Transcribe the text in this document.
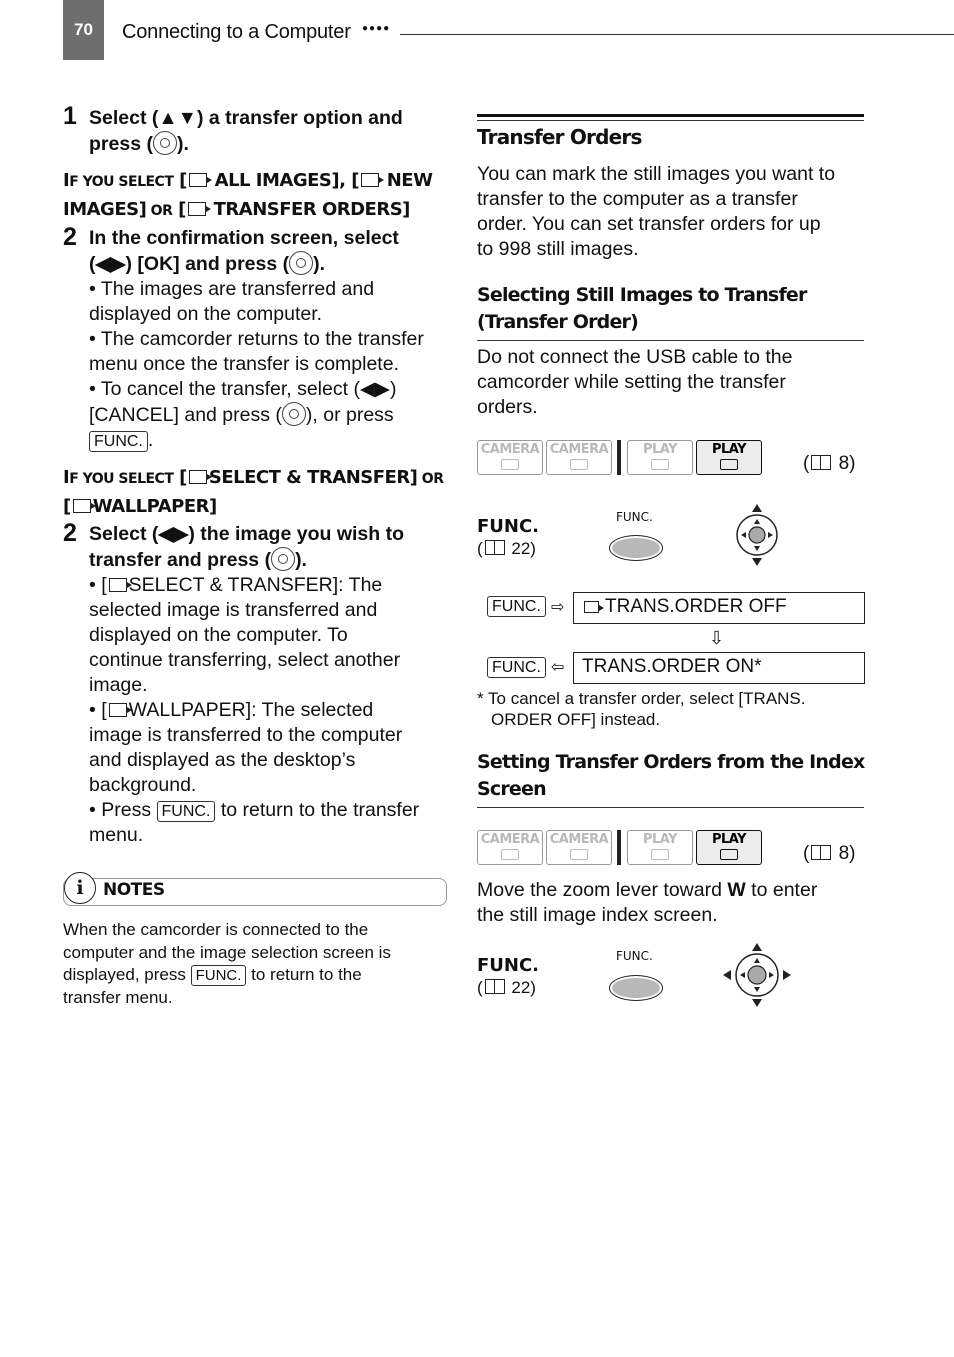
70 Connecting to a Computer ●●●●
1 Select (▲▼) a transfer option and
press ( ).
IF YOU SELECT [ ALL IMAGES], [ NEW
IMAGES] OR [ TRANSFER ORDERS]
2 In the confirmation screen, select
(◀▶) [OK] and press ( ).
• The images are transferred and
displayed on the computer.
• The camcorder returns to the transfer
menu once the transfer is complete.
• To cancel the transfer, select (◀▶)
[CANCEL] and press ( ), or press
FUNC. .
IF YOU SELECT [ SELECT & TRANSFER] OR
[ WALLPAPER]
2 Select (◀▶) the image you wish to
transfer and press ( ).
• [ SELECT & TRANSFER]: The
selected image is transferred and
displayed on the computer. To
continue transferring, select another
image.
• [ WALLPAPER]: The selected
image is transferred to the computer
and displayed as the desktop’s
background.
• Press FUNC. to return to the transfer
menu.
i	NOTES
When the camcorder is connected to the
computer and the image selection screen is
displayed, press FUNC. to return to the
transfer menu.
Transfer Orders
You can mark the still images you want to
transfer to the computer as a transfer
order. You can set transfer orders for up
to 998 still images.
Selecting Still Images to Transfer
(Transfer Order)
Do not connect the USB cable to the
camcorder while setting the transfer
orders.
CAMERA CAMERA	PLAY	PLAY
( 8)
FUNC.
( 22)
FUNC.
FUNC. ⇨	TRANS.ORDER OFF
⇩
FUNC. ⇦ TRANS.ORDER ON*
* To cancel a transfer order, select [TRANS.
ORDER OFF] instead.
Setting Transfer Orders from the Index
Screen
CAMERA CAMERA	PLAY	PLAY
( 8)
Move the zoom lever toward W to enter
the still image index screen.
FUNC.
( 22)
FUNC.
